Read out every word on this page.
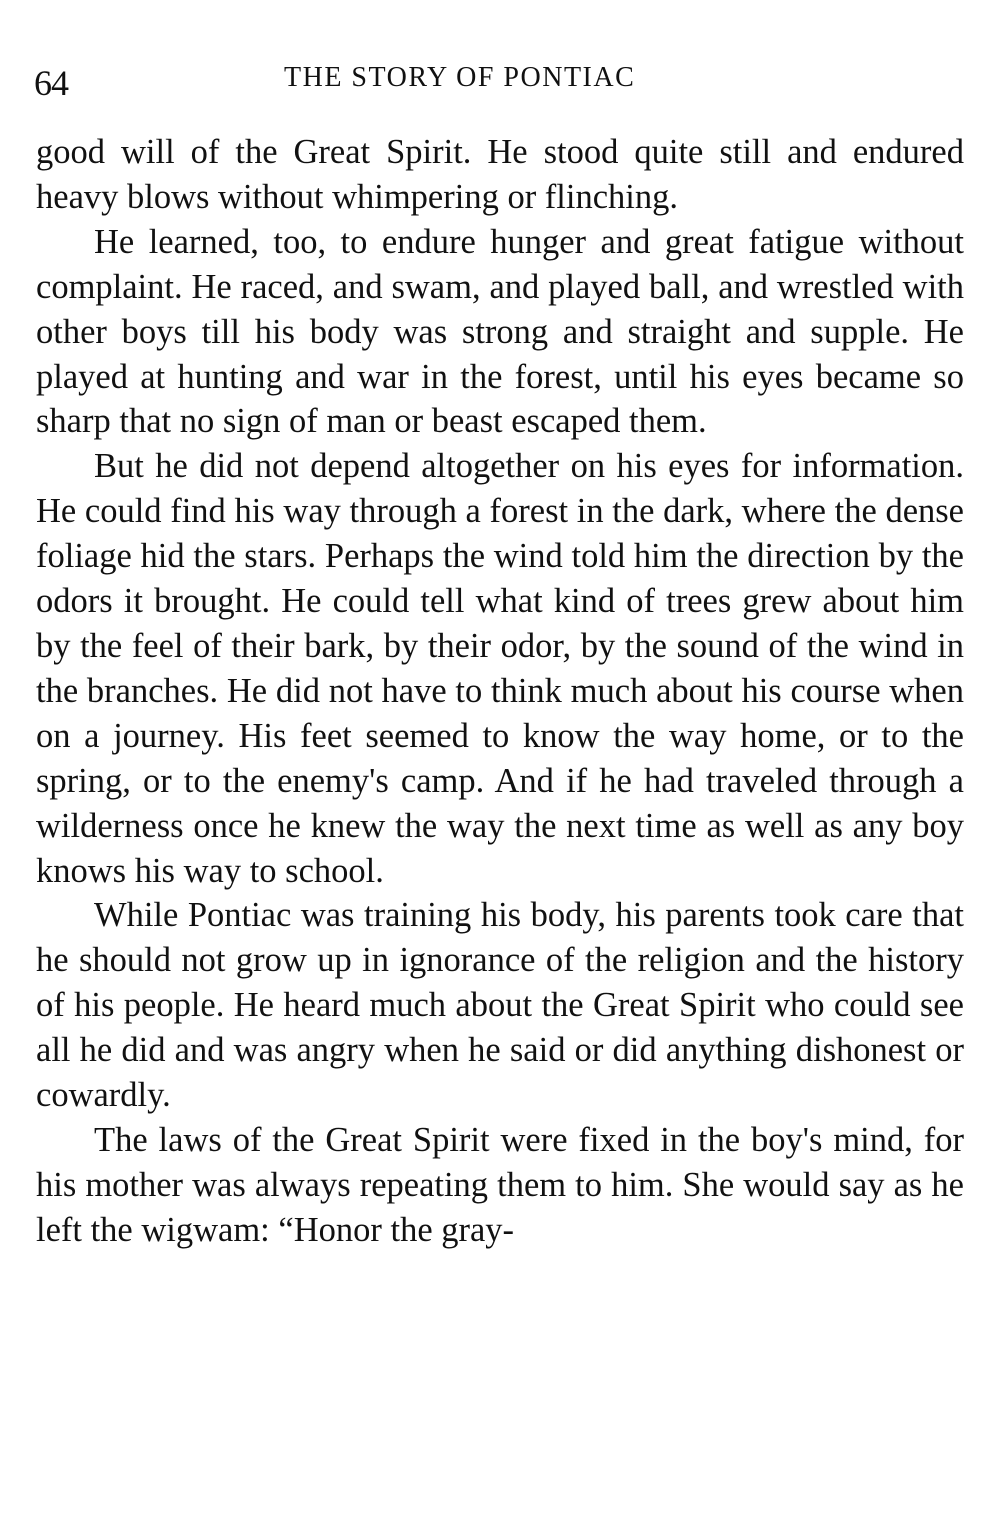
64	THE STORY OF PONTIAC

good will of the Great Spirit. He stood quite still and endured heavy blows without whimpering or flinching.

He learned, too, to endure hunger and great fatigue without complaint. He raced, and swam, and played ball, and wrestled with other boys till his body was strong and straight and supple. He played at hunting and war in the forest, until his eyes became so sharp that no sign of man or beast escaped them.

But he did not depend altogether on his eyes for information. He could find his way through a forest in the dark, where the dense foliage hid the stars. Perhaps the wind told him the direction by the odors it brought. He could tell what kind of trees grew about him by the feel of their bark, by their odor, by the sound of the wind in the branches. He did not have to think much about his course when on a journey. His feet seemed to know the way home, or to the spring, or to the enemy's camp. And if he had traveled through a wilderness once he knew the way the next time as well as any boy knows his way to school.

While Pontiac was training his body, his parents took care that he should not grow up in ignorance of the religion and the history of his people. He heard much about the Great Spirit who could see all he did and was angry when he said or did anything dishonest or cowardly.

The laws of the Great Spirit were fixed in the boy's mind, for his mother was always repeating them to him. She would say as he left the wigwam: “Honor the gray-
